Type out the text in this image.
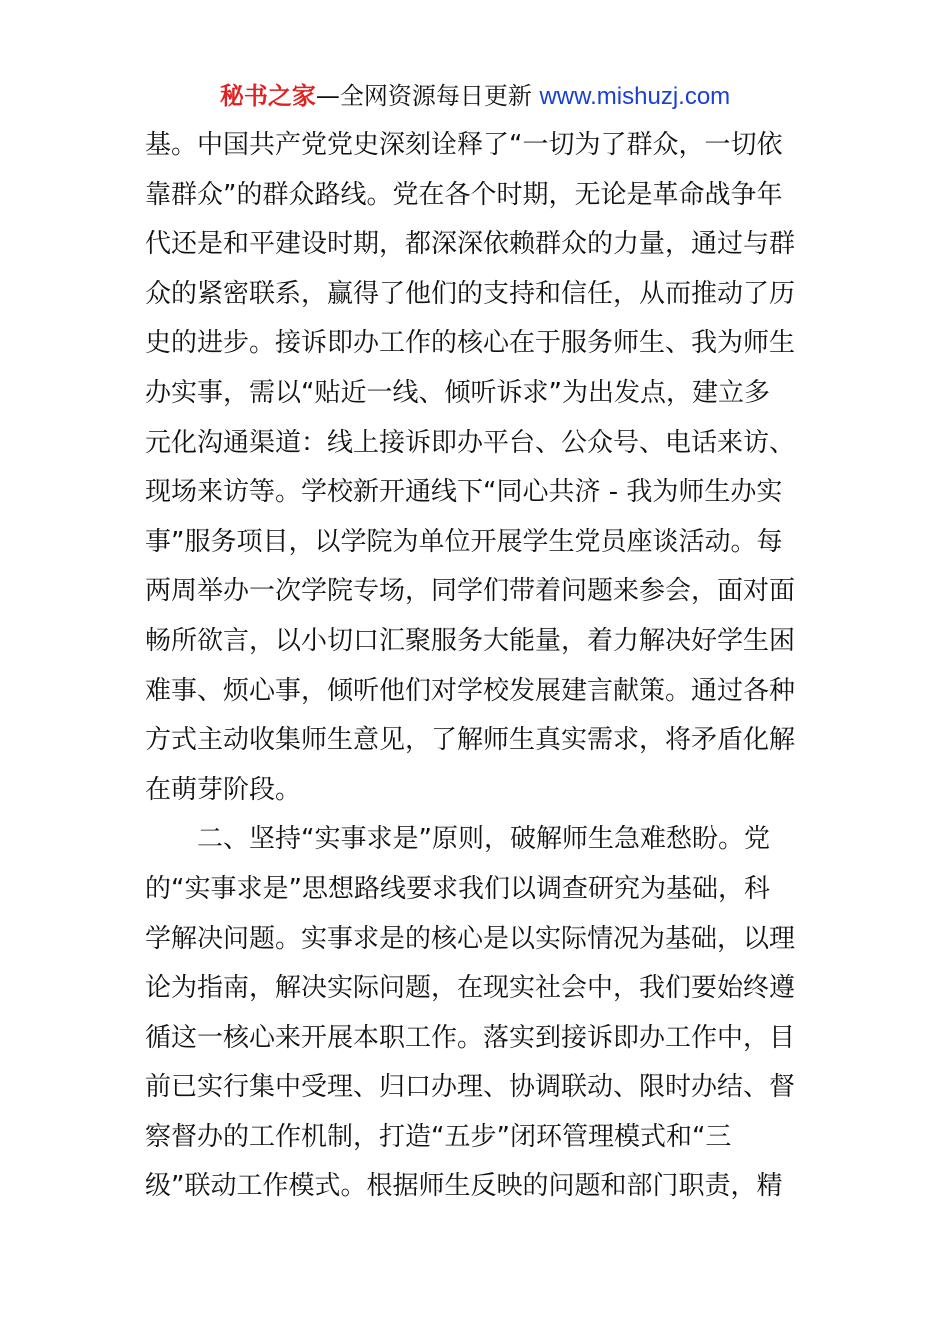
秘书之家—全网资源每日更新 www.mishuzj.com
基。中国共产党党史深刻诠释了“一切为了群众，一切依
靠群众”的群众路线。党在各个时期，无论是革命战争年
代还是和平建设时期，都深深依赖群众的力量，通过与群
众的紧密联系，赢得了他们的支持和信任，从而推动了历
史的进步。接诉即办工作的核心在于服务师生、我为师生
办实事，需以“贴近一线、倾听诉求”为出发点，建立多
元化沟通渠道：线上接诉即办平台、公众号、电话来访、
现场来访等。学校新开通线下“同心共济 - 我为师生办实
事”服务项目，以学院为单位开展学生党员座谈活动。每
两周举办一次学院专场，同学们带着问题来参会，面对面
畅所欲言，以小切口汇聚服务大能量，着力解决好学生困
难事、烦心事，倾听他们对学校发展建言献策。通过各种
方式主动收集师生意见，了解师生真实需求，将矛盾化解
在萌芽阶段。
　　二、坚持“实事求是”原则，破解师生急难愁盼。党
的“实事求是”思想路线要求我们以调查研究为基础，科
学解决问题。实事求是的核心是以实际情况为基础，以理
论为指南，解决实际问题，在现实社会中，我们要始终遵
循这一核心来开展本职工作。落实到接诉即办工作中，目
前已实行集中受理、归口办理、协调联动、限时办结、督
察督办的工作机制，打造“五步”闭环管理模式和“三
级”联动工作模式。根据师生反映的问题和部门职责，精
